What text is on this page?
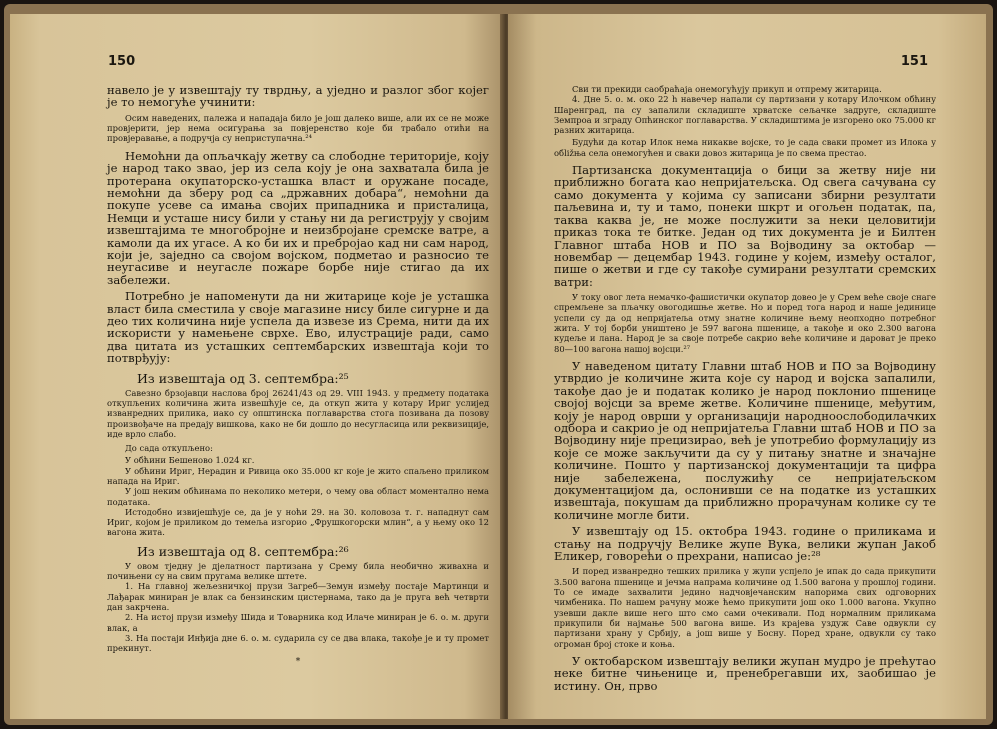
150

навело је у извештају ту тврдњу, а уједно и разлог због којег је то немогуће учинити:

Осим наведених, палежа и нападаја било је још далеко више, али их се не може провјерити, јер нема осигурања за повјеренство које би трабало отићи на провјеравање, а подручја су неприступачна.²⁴

Немоћни да опљачкају жетву са слободне територије, коју је народ тако звао, јер из села коју је она захватала била је протерана окупаторско-усташка власт и оружане посаде, немоћни да зберу род са „државних добара“, немоћни да покупе усеве са имања својих припадника и присталица, Немци и усташе нису били у стању ни да региструју у својим извештајима те многобројне и неизбројане сремске ватре, а камоли да их угасе. А ко би их и пребројао кад ни сам народ, који је, заједно са својом војском, подметао и разносио те неугасиве и неугасле пожаре борбе није стигао да их забележи.

Потребно је напоменути да ни житарице које је усташка власт била сместила у своје магазине нису биле сигурне и да део тих количина није успела да извезе из Срема, нити да их искористи у намењене сврхе. Ево, илустрације ради, само два цитата из усташких септембарских извештаја који то потврђују:

Из извештаја од 3. септембра:²⁵

Савезно брзојавци наслова број 26241/43 од 29. VIII 1943. у предмету података откупљених количина жита извешћује се, да откуп жита у котару Ириг услијед изванредних прилика, иако су општинска поглаварства стога позивана да позову произвођаче на предају вишкова, како не би дошло до несугласица или реквизиције, иде врло слабо.

До сада откупљено:

У обћини Бешеново 1.024 кг.

У обћини Ириг, Нерадин и Ривица око 35.000 кг које је жито спаљено приликом напада на Ириг.

У још неким обћинама по неколико метери, о чему ова област моментално нема података.

Истодобно извијешћује се, да је у ноћи 29. на 30. коловоза т. г. нападнут сам Ириг, којом је приликом до темеља изгорио „Фрушкогорски млин“, а у њему око 12 вагона жита.

Из извештаја од 8. септембра:²⁶

У овом тједну је дјелатност партизана у Срему била необично живахна и почињени су на свим пругама велике штете.

1. На главној жељезничкој прузи Загреб—Земун између постаје Мартинци и Лађарак миниран је влак са бензинским цистернама, тако да је пруга већ четврти дан закрчена.

2. На истој прузи између Шида и Товарника код Илаче миниран је 6. о. м. други влак, а

3. На постаји Инђија дне 6. о. м. сударила су се два влака, такође је и ту промет прекинут.

*

151

Сви ти прекиди саобраћаја онемогућују прикуп и отпрему житарица.

4. Дне 5. о. м. око 22 h навечер напали су партизани у котару Илочком обћину Шаренград, па су запалили складиште хрватске сељачке задруге, складиште Земпроа и зграду Опћинског поглаварства. У складиштима је изгорено око 75.000 кг разних житарица.

Будући да котар Илок нема никакве војске, то је сада сваки промет из Илока у обližња села онемогућен и сваки довоз житарица је по свема престао.

Партизанска документација о бици за жетву није ни приближно богата као непријатељска. Од свега сачувана су само документа у којима су записани збирни резултати паљевина и, ту и тамо, понеки шкрт и огољен податак, па, таква каква је, не може послужити за неки целовитији приказ тока те битке. Један од тих документа је и Билтен Главног штаба НОВ и ПО за Војводину за октобар — новембар — децембар 1943. године у којем, између осталог, пише о жетви и где су такође сумирани резултати сремских ватри:

У току овог лета немачко-фашистички окупатор довео је у Срем веће своје снаге спремљене за пљачку овогодишње жетве. Но и поред тога народ и наше јединице успели су да од непријатеља отму знатне количине њему неопходно потребног жита. У тој борби уништено је 597 вагона пшенице, а такође и око 2.300 вагона кудеље и лана. Народ је за своје потребе сакрио веће количине и дароват је преко 80—100 вагона нашој војсци.²⁷

У наведеном цитату Главни штаб НОВ и ПО за Војводину утврдио је количине жита које су народ и војска запалили, такође дао је и податак колико је народ поклонио пшенице својој војсци за време жетве. Количине пшенице, међутим, коју је народ оврши у организацији народноослободилачких одбора и сакрио је од непријатеља Главни штаб НОВ и ПО за Војводину није прецизирао, већ је употребио формулацију из које се може закључити да су у питању знатне и значајне количине. Пошто у партизанској документацији та цифра није забележена, послужићу се непријатељском документацијом да, ослонивши се на податке из усташких извештаја, покушам да приближно прорачунам колике су те количине могле бити.

У извештају од 15. октобра 1943. године о приликама и стању на подручју Велике жупе Вука, велики жупан Јакоб Еликер, говорећи о прехрани, написао је:²⁸

И поред изванредно тешких прилика у жупи успјело је ипак до сада прикупити 3.500 вагона пшенице и јечма напрама количине од 1.500 вагона у прошлој години. То се имаде захвалити једино надчовјечанским напорима свих одговорних чимбеника. По нашем рачуну може ћемо прикупити још око 1.000 вагона. Укупно узевши дакле више него што смо сами очекивали. Под нормалним приликама прикупили би најмање 500 вагона више. Из крајева уздуж Саве одвукли су партизани храну у Србију, а још више у Босну. Поред хране, одвукли су тако огроман број стоке и коња.

У октобарском извештају велики жупан мудро је прећутао неке битне чињенице и, пренебрегавши их, заобишао је истину. Он, прво
